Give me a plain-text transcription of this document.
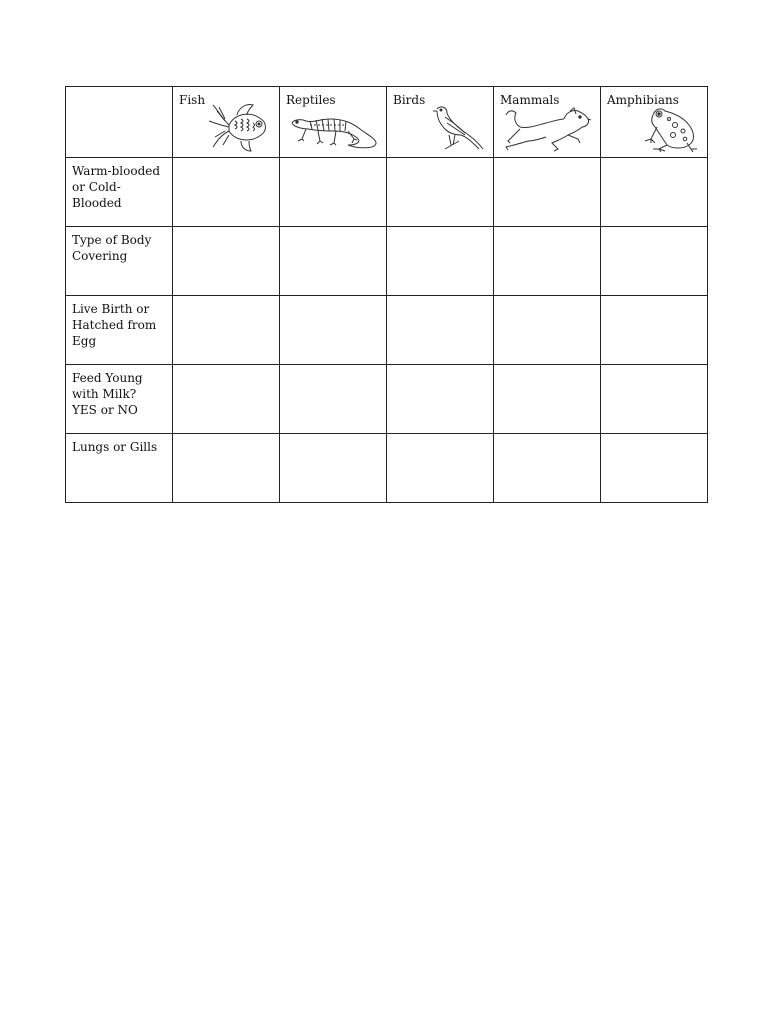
	Fish	Reptiles	Birds	Mammals	Amphibians

Warm-blooded
or Cold-Blooded					

Type of Body
Covering					

Live Birth or
Hatched from
Egg					

Feed Young
with Milk?
YES or NO					

Lungs or Gills					
